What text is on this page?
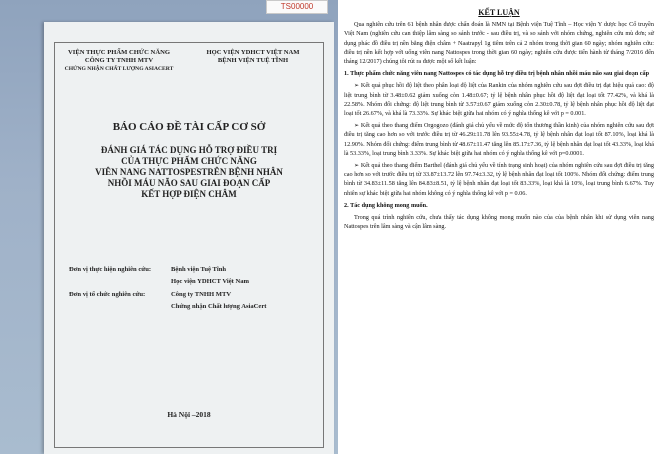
TS00000
VIỆN THỰC PHẨM CHỨC NĂNG
CÔNG TY TNHH MTV
CHỨNG NHẬN CHẤT LƯỢNG ASIACERT
HỌC VIỆN YDHCT VIỆT NAM
BỆNH VIỆN TUỆ TĨNH
BÁO CÁO ĐỀ TÀI CẤP CƠ SỞ
ĐÁNH GIÁ TÁC DỤNG HỖ TRỢ ĐIỀU TRỊ
CỦA THỰC PHẨM CHỨC NĂNG
VIÊN NANG NATTOSPESTRÊN BỆNH NHÂN
NHỒI MÁU NÃO SAU GIAI ĐOẠN CẤP
KẾT HỢP ĐIỆN CHÂM
Đơn vị thực hiện nghiên cứu:	Bệnh viện Tuệ Tĩnh
Học viện YDHCT Việt Nam
Đơn vị tổ chức nghiên cứu:	Công ty TNHH MTV
Chứng nhận Chất lượng AsiaCert
Hà Nội –2018
KẾT LUẬN

Qua nghiên cứu trên 61 bệnh nhân được chẩn đoán là NMN tại Bệnh viện Tuệ Tĩnh – Học viện Y dược học Cổ truyền Việt Nam (nghiên cứu can thiệp lâm sàng so sánh trước - sau điều trị, và so sánh với nhóm chứng, nghiên cứu mù đơn; sử dụng phác đồ điều trị nền bằng điện châm + Naatrapyl 1g tiêm trên cả 2 nhóm trong thời gian 60 ngày; nhóm nghiên cứu: điều trị nền kết hợp với uống viên nang Nattospes trong thời gian 60 ngày; nghiên cứu được tiến hành từ tháng 7/2016 đến tháng 12/2017) chúng tôi rút ra được một số kết luận:

1. Thực phẩm chức năng viên nang Nattospes có tác dụng hỗ trợ điều trị bệnh nhân nhồi máu não sau giai đoạn cấp

➢ Kết quả phục hồi độ liệt theo phân loại độ liệt của Rankin của nhóm nghiên cứu sau đợt điều trị đạt hiệu quả cao: độ liệt trung bình từ 3.48±0.62 giảm xuống còn 1.48±0.67; tỷ lệ bệnh nhân phục hồi độ liệt đạt loại tốt 77.42%, và khá là 22.58%. Nhóm đối chứng: độ liệt trung bình từ 3.57±0.67 giảm xuống còn 2.30±0.78, tỷ lệ bệnh nhân phục hồi độ liệt đạt loại tốt 26.67%, và khá là 73.33%. Sự khác biệt giữa hai nhóm có ý nghĩa thống kê với p = 0.001.

➢ Kết quả theo thang điểm Orgogozo (đánh giá chủ yếu về mức độ tổn thương thần kinh) của nhóm nghiên cứu sau đợt điều trị tăng cao hơn so với trước điều trị từ 46.29±11.78 lên 93.55±4.78, tỷ lệ bệnh nhân đạt loại tốt 87.10%, loại khá là 12.90%. Nhóm đối chứng: điểm trung bình từ 48.67±11.47 tăng lên 85.17±7.36, tỷ lệ bệnh nhân đạt loại tốt 43.33%, loại khá là 53.33%, loại trung bình 3.33%. Sự khác biệt giữa hai nhóm có ý nghĩa thống kê với p=0.0001.

➢ Kết quả theo thang điểm Barthel (đánh giá chủ yếu về tính trạng sinh hoạt) của nhóm nghiên cứu sau đợt điều trị tăng cao hơn so với trước điều trị từ 33.87±13.72 lên 97.74±3.32, tỷ lệ bệnh nhân đạt loại tốt 100%. Nhóm đối chứng: điểm trung bình từ 34.83±11.58 tăng lên 84.83±8.51, tỷ lệ bệnh nhân đạt loại tốt 83.33%, loại khá là 10%, loại trung bình 6.67%. Tuy nhiên sự khác biệt giữa hai nhóm không có ý nghĩa thống kê với p = 0.06.

2. Tác dụng không mong muốn.

Trong quá trình nghiên cứu, chưa thấy tác dụng không mong muốn nào của của bệnh nhân khi sử dụng viên nang Nattospes trên lâm sàng và cận lâm sàng.
